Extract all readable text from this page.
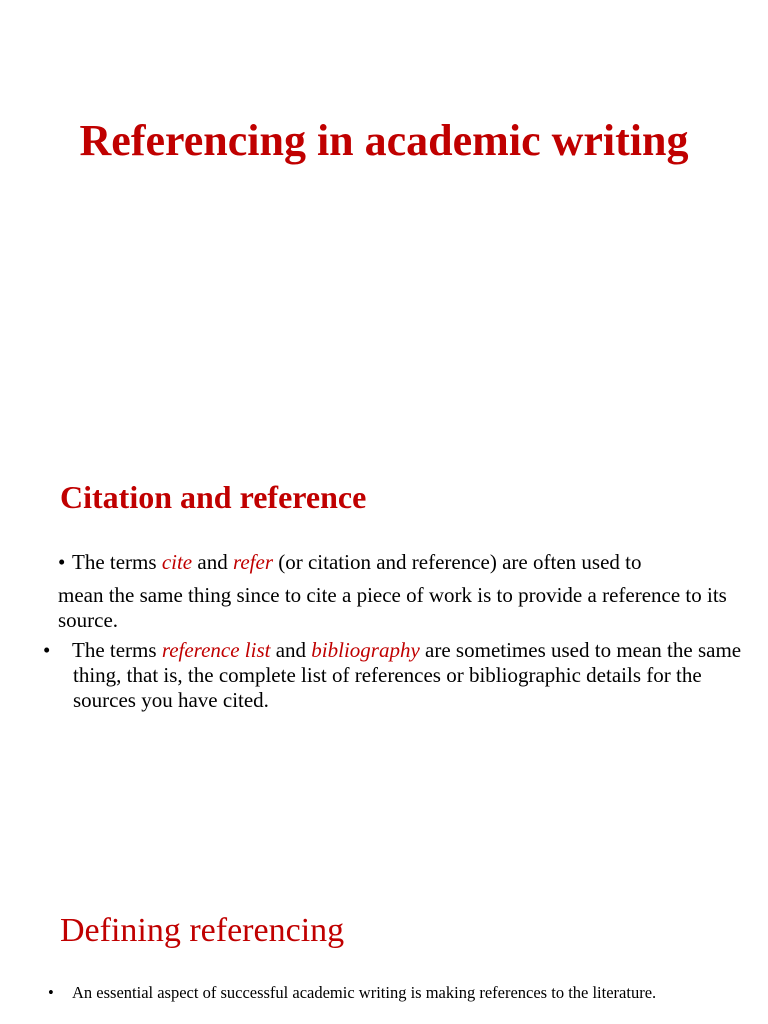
Referencing in academic writing
Citation and reference

• The terms cite and refer (or citation and reference) are often used to

mean the same thing since to cite a piece of work is to provide a reference to its source.

• The terms reference list and bibliography are sometimes used to mean the same thing, that is, the complete list of references or bibliographic details for the sources you have cited.

Defining referencing

• An essential aspect of successful academic writing is making references to the literature.
